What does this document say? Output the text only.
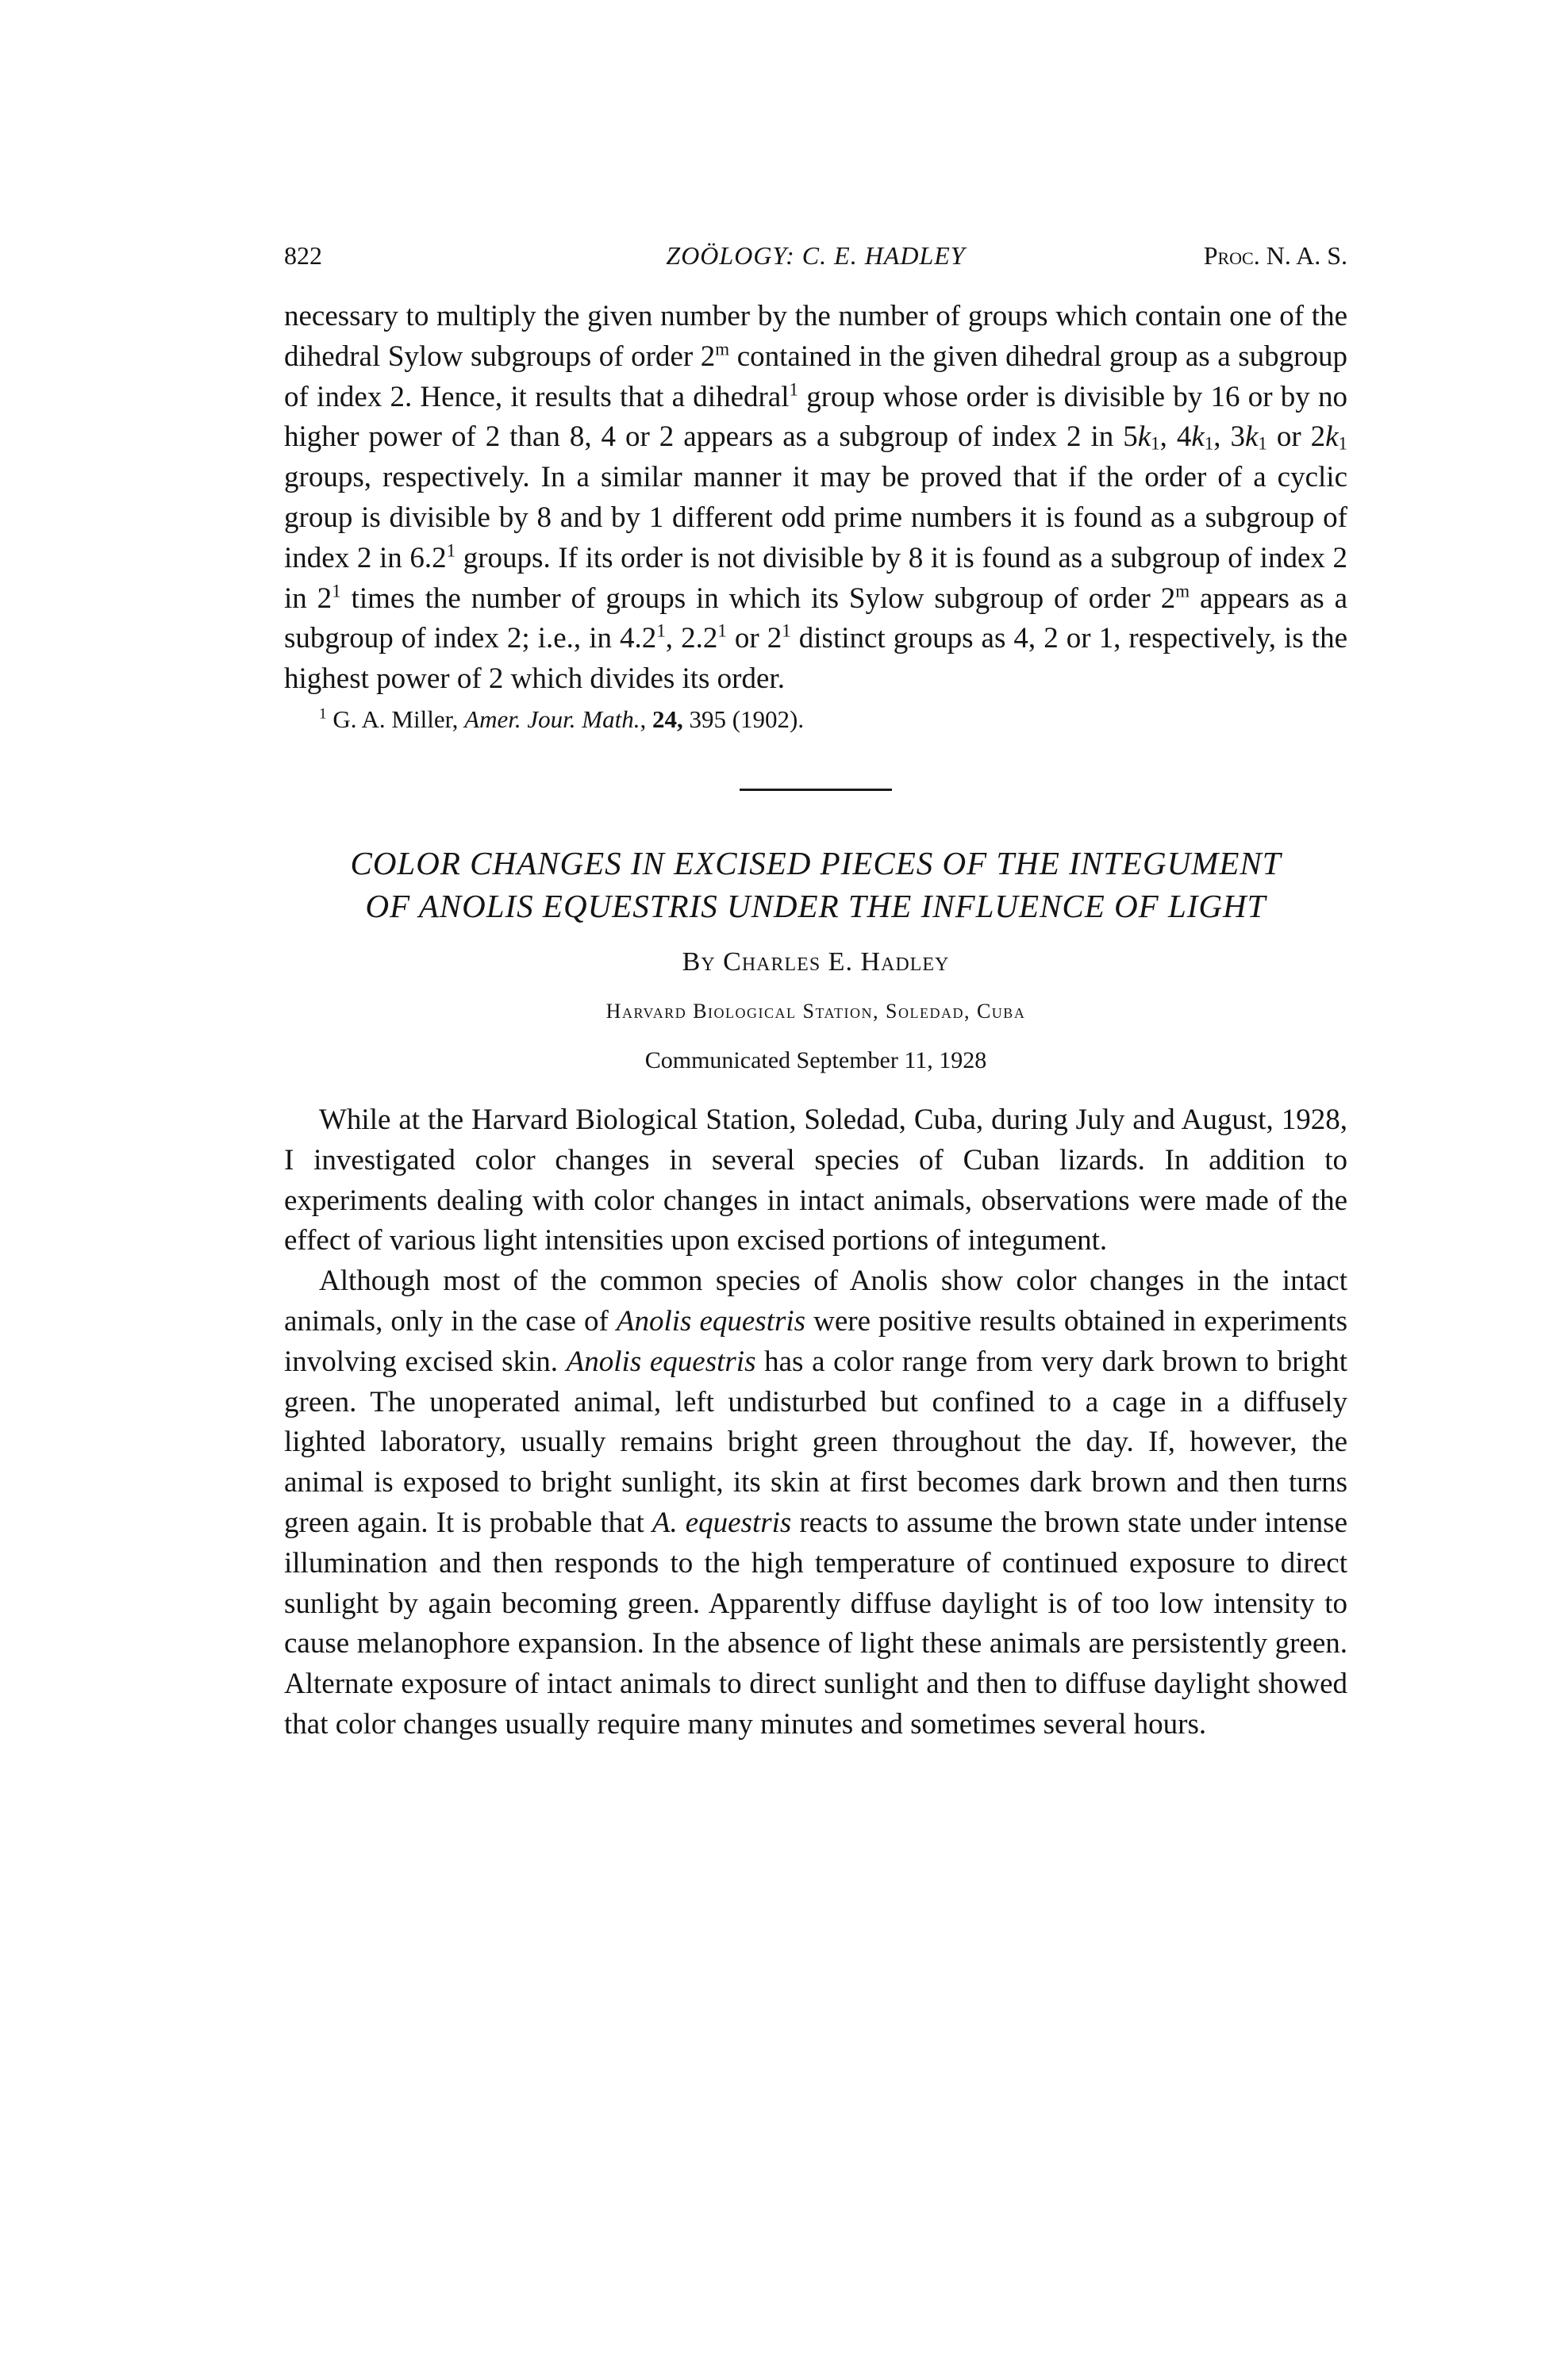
822	ZOÖLOGY: C. E. HADLEY	Proc. N. A. S.

necessary to multiply the given number by the number of groups which contain one of the dihedral Sylow subgroups of order 2$^m$ contained in the given dihedral group as a subgroup of index 2. Hence, it results that a dihedral$^1$ group whose order is divisible by 16 or by no higher power of 2 than 8, 4 or 2 appears as a subgroup of index 2 in $5k_1$, $4k_1$, $3k_1$ or $2k_1$ groups, respectively. In a similar manner it may be proved that if the order of a cyclic group is divisible by 8 and by 1 different odd prime numbers it is found as a subgroup of index 2 in $6.2^1$ groups. If its order is not divisible by 8 it is found as a subgroup of index 2 in $2^1$ times the number of groups in which its Sylow subgroup of order 2$^m$ appears as a subgroup of index 2; i.e., in $4.2^1$, $2.2^1$ or $2^1$ distinct groups as 4, 2 or 1, respectively, is the highest power of 2 which divides its order.

$^1$ G. A. Miller, Amer. Jour. Math., 24, 395 (1902).
COLOR CHANGES IN EXCISED PIECES OF THE INTEGUMENT
OF ANOLIS EQUESTRIS UNDER THE INFLUENCE OF LIGHT
By Charles E. Hadley
Harvard Biological Station, Soledad, Cuba
Communicated September 11, 1928

While at the Harvard Biological Station, Soledad, Cuba, during July and August, 1928, I investigated color changes in several species of Cuban lizards. In addition to experiments dealing with color changes in intact animals, observations were made of the effect of various light intensities upon excised portions of integument.

Although most of the common species of Anolis show color changes in the intact animals, only in the case of Anolis equestris were positive results obtained in experiments involving excised skin. Anolis equestris has a color range from very dark brown to bright green. The unoperated animal, left undisturbed but confined to a cage in a diffusely lighted laboratory, usually remains bright green throughout the day. If, however, the animal is exposed to bright sunlight, its skin at first becomes dark brown and then turns green again. It is probable that A. equestris reacts to assume the brown state under intense illumination and then responds to the high temperature of continued exposure to direct sunlight by again becoming green. Apparently diffuse daylight is of too low intensity to cause melanophore expansion. In the absence of light these animals are persistently green. Alternate exposure of intact animals to direct sunlight and then to diffuse daylight showed that color changes usually require many minutes and sometimes several hours.
